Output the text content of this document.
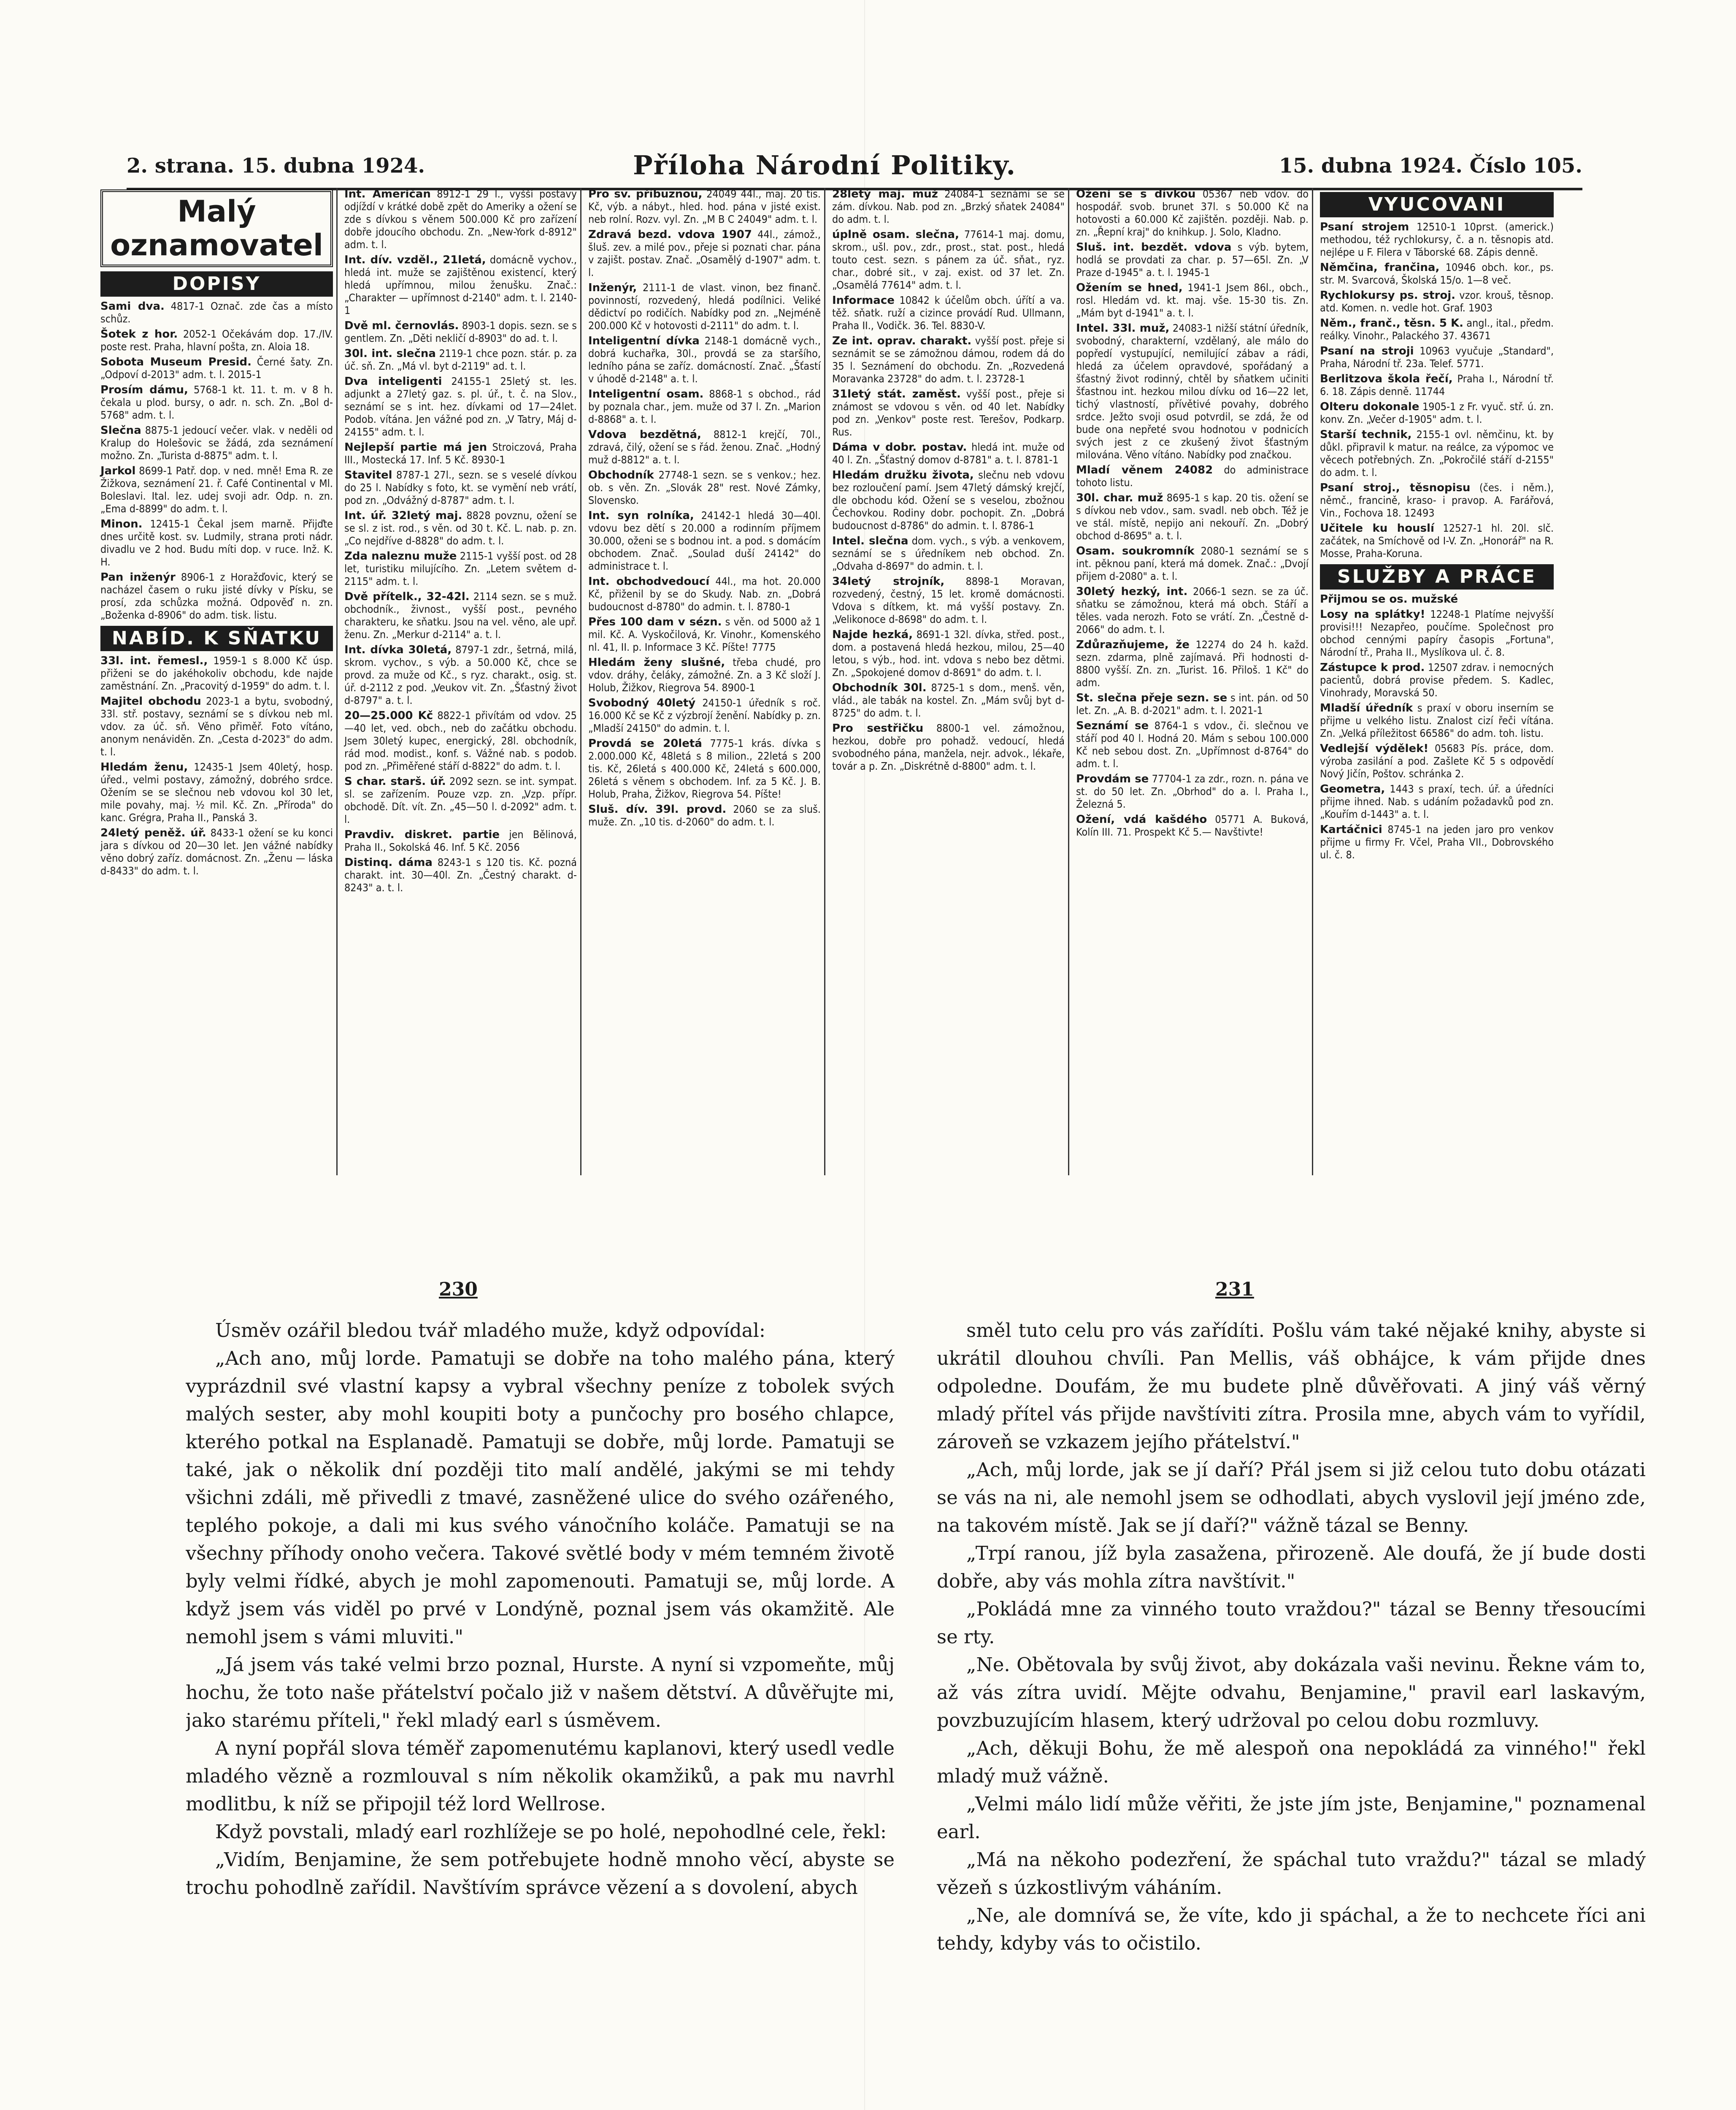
2. strana. 15. dubna 1924.	Příloha Národní Politiky.	15. dubna 1924. Číslo 105.
Malý
oznamovatel
DOPISY
Sami dva. 4817-1 Označ. zde čas a místo schůz.
Šotek z hor. 2052-1 Očekávám dop. 17./IV. poste rest. Praha, hlavní pošta, zn. Aloia 18.
Sobota Museum Presid. Černé šaty. Zn. „Odpoví d-2013" adm. t. l. 2015-1
Prosím dámu, 5768-1 kt. 11. t. m. v 8 h. čekala u plod. bursy, o adr. n. sch. Zn. „Bol d-5768" adm. t. l.
Slečna 8875-1 jedoucí večer. vlak. v neděli od Kralup do Holešovic se žádá, zda seznámení možno. Zn. „Turista d-8875" adm. t. l.
Jarkol 8699-1 Patř. dop. v ned. mně! Ema R. ze Žižkova, seznámení 21. ř. Café Continental v Ml. Boleslavi. Ital. lez. udej svoji adr. Odp. n. zn. „Ema d-8899" do adm. t. l.
Minon. 12415-1 Čekal jsem marně. Přijďte dnes určitě kost. sv. Ludmily, strana proti nádr. divadlu ve 2 hod. Budu míti dop. v ruce. Inž. K. H.
Pan inženýr 8906-1 z Horažďovic, který se nacházel časem o ruku jisté dívky v Písku, se prosí, zda schůzka možná. Odpověď n. zn. „Boženka d-8906" do adm. tisk. listu.
NABÍD. K SŇATKU
33l. int. řemesl., 1959-1 s 8.000 Kč úsp. přiženi se do jakéhokoliv obchodu, kde najde zaměstnání. Zn. „Pracovitý d-1959" do adm. t. l.
Majitel obchodu 2023-1 a bytu, svobodný, 33l. stř. postavy, seznámí se s dívkou neb ml. vdov. za úč. sň. Věno přiměř. Foto vítáno, anonym nenáviděn. Zn. „Cesta d-2023" do adm. t. l.
Hledám ženu, 12435-1 Jsem 40letý, hosp. úřed., velmi postavy, zámožný, dobrého srdce. Ožením se se slečnou neb vdovou kol 30 let, mile povahy, maj. ½ mil. Kč. Zn. „Příroda" do kanc. Grégra, Praha II., Panská 3.
24letý peněž. úř. 8433-1 ožení se ku konci jara s dívkou od 20—30 let. Jen vážné nabídky věno dobrý zaříz. domácnost. Zn. „Ženu — láska d-8433" do adm. t. l.
Int. Američan 8912-1 29 l., vyšší postavy odjíždí v krátké době zpět do Ameriky a ožení se zde s dívkou s věnem 500.000 Kč pro zařízení dobře jdoucího obchodu. Zn. „New-York d-8912" adm. t. l.
Int. dív. vzděl., 21letá, domácně vychov., hledá int. muže se zajištěnou existencí, který hledá upřímnou, milou ženušku. Znač.: „Charakter — upřímnost d-2140" adm. t. l. 2140-1
Dvě ml. černovlás. 8903-1 dopis. sezn. se s gentlem. Zn. „Děti nekličí d-8903" do ad. t. l.
30l. int. slečna 2119-1 chce pozn. stár. p. za úč. sň. Zn. „Má vl. byt d-2119" ad. t. l.
Dva inteligenti 24155-1 25letý st. les. adjunkt a 27letý gaz. s. pl. úř., t. č. na Slov., seznámí se s int. hez. dívkami od 17—24let. Podob. vítána. Jen vážné pod zn. „V Tatry, Máj d-24155" adm. t. l.
Nejlepší partie má jen Stroiczová, Praha III., Mostecká 17. Inf. 5 Kč. 8930-1
Stavitel 8787-1 27l., sezn. se s veselé dívkou do 25 l. Nabídky s foto, kt. se vymění neb vrátí, pod zn. „Odvážný d-8787" adm. t. l.
Int. úř. 32letý maj. 8828 povznu, ožení se se sl. z ist. rod., s věn. od 30 t. Kč. L. nab. p. zn. „Co nejdříve d-8828" do adm. t. l.
Zda naleznu muže 2115-1 vyšší post. od 28 let, turistiku milujícího. Zn. „Letem světem d-2115" adm. t. l.
Dvě přítelk., 32-42l. 2114 sezn. se s muž. obchodník., živnost., vyšší post., pevného charakteru, ke sňatku. Jsou na vel. věno, ale upř. ženu. Zn. „Merkur d-2114" a. t. l.
Int. dívka 30letá, 8797-1 zdr., šetrná, milá, skrom. vychov., s výb. a 50.000 Kč, chce se provd. za muže od Kč., s ryz. charakt., osig. st. úř. d-2112 z pod. „Veukov vit. Zn. „Šťastný život d-8797" a. t. l.
20—25.000 Kč 8822-1 přivítám od vdov. 25—40 let, ved. obch., neb do začátku obchodu. Jsem 30letý kupec, energický, 28l. obchodník, rád mod. modist., konf. s. Vážné nab. s podob. pod zn. „Přiměřené stáří d-8822" do adm. t. l.
S char. starš. úř. 2092 sezn. se int. sympat. sl. se zařízením. Pouze vzp. zn. „Vzp. přípr. obchodě. Dít. vít. Zn. „45—50 l. d-2092" adm. t. l.
Pravdiv. diskret. partie jen Bělinová, Praha II., Sokolská 46. Inf. 5 Kč. 2056
Distinq. dáma 8243-1 s 120 tis. Kč. pozná charakt. int. 30—40l. Zn. „Čestný charakt. d-8243" a. t. l.
Pro sv. příbuznou, 24049 44l., maj. 20 tis. Kč, výb. a nábyt., hled. hod. pána v jisté exist. neb rolní. Rozv. vyl. Zn. „M B C 24049" adm. t. l.
Zdravá bezd. vdova 1907 44l., zámož., šluš. zev. a milé pov., přeje si poznati char. pána v zajišt. postav. Znač. „Osamělý d-1907" adm. t. l.
Inženýr, 2111-1 de vlast. vinon, bez finanč. povinností, rozvedený, hledá podílnici. Veliké dědictví po rodičích. Nabídky pod zn. „Nejméně 200.000 Kč v hotovosti d-2111" do adm. t. l.
Inteligentní dívka 2148-1 domácně vych., dobrá kuchařka, 30l., provdá se za staršího, ledního pána se zaříz. domácností. Znač. „Šťastí v úhodě d-2148" a. t. l.
Inteligentní osam. 8868-1 s obchod., rád by poznala char., jem. muže od 37 l. Zn. „Marion d-8868" a. t. l.
Vdova bezdětná, 8812-1 krejčí, 70l., zdravá, čilý, ožení se s řád. ženou. Znač. „Hodný muž d-8812" a. t. l.
Obchodník 27748-1 sezn. se s venkov.; hez. ob. s věn. Zn. „Slovák 28" rest. Nové Zámky, Slovensko.
Int. syn rolníka, 24142-1 hledá 30—40l. vdovu bez dětí s 20.000 a rodinním příjmem 30.000, oženi se s bodnou int. a pod. s domácím obchodem. Znač. „Soulad duší 24142" do administrace t. l.
Int. obchodvedoucí 44l., ma hot. 20.000 Kč, přiženil by se do Skudy. Nab. zn. „Dobrá budoucnost d-8780" do admin. t. l. 8780-1
Přes 100 dam v sézn. s věn. od 5000 až 1 mil. Kč. A. Vyskočilová, Kr. Vinohr., Komenského nl. 41, II. p. Informace 3 Kč. Píšte! 7775
Hledám ženy slušné, třeba chudé, pro vdov. dráhy, čeláky, zámožné. Zn. a 3 Kč složí J. Holub, Žižkov, Riegrova 54. 8900-1
Svobodný 40letý 24150-1 úředník s roč. 16.000 Kč se Kč z výzbrojí ženění. Nabídky p. zn. „Mladší 24150" do admin. t. l.
Provdá se 20letá 7775-1 krás. dívka s 2.000.000 Kč, 48letá s 8 milion., 22letá s 200 tis. Kč, 26letá s 400.000 Kč, 24letá s 600.000, 26letá s věnem s obchodem. Inf. za 5 Kč. J. B. Holub, Praha, Žižkov, Riegrova 54. Píšte!
Sluš. dív. 39l. provd. 2060 se za sluš. muže. Zn. „10 tis. d-2060" do adm. t. l.
28letý maj. muž 24084-1 seznámí se se zám. dívkou. Nab. pod zn. „Brzký sňatek 24084" do adm. t. l.
úplně osam. slečna, 77614-1 maj. domu, skrom., ušl. pov., zdr., prost., stat. post., hledá touto cest. sezn. s pánem za úč. sňat., ryz. char., dobré sit., v zaj. exist. od 37 let. Zn. „Osamělá 77614" adm. t. l.
Informace 10842 k účelům obch. úřítí a va. těž. sňatk. ruží a cizince provádí Rud. Ullmann, Praha II., Vodičk. 36. Tel. 8830-V.
Ze int. oprav. charakt. vyšší post. přeje si seznámit se se zámožnou dámou, rodem dá do 35 l. Seznámení do obchodu. Zn. „Rozvedená Moravanka 23728" do adm. t. l. 23728-1
31letý stát. zaměst. vyšší post., přeje si známost se vdovou s věn. od 40 let. Nabídky pod zn. „Venkov" poste rest. Terešov, Podkarp. Rus.
Dáma v dobr. postav. hledá int. muže od 40 l. Zn. „Šťastný domov d-8781" a. t. l. 8781-1
Hledám družku života, slečnu neb vdovu bez rozloučení pamí. Jsem 47letý dámský krejčí, dle obchodu kód. Ožení se s veselou, zbožnou Čechovkou. Rodiny dobr. pochopit. Zn. „Dobrá budoucnost d-8786" do admin. t. l. 8786-1
Intel. slečna dom. vych., s výb. a venkovem, seznámí se s úředníkem neb obchod. Zn. „Odvaha d-8697" do admin. t. l.
34letý strojník, 8898-1 Moravan, rozvedený, čestný, 15 let. kromě domácnosti. Vdova s dítkem, kt. má vyšší postavy. Zn. „Velikonoce d-8698" do adm. t. l.
Najde hezká, 8691-1 32l. dívka, střed. post., dom. a postavená hledá hezkou, milou, 25—40 letou, s výb., hod. int. vdova s nebo bez dětmi. Zn. „Spokojené domov d-8691" do adm. t. l.
Obchodník 30l. 8725-1 s dom., menš. věn, vlád., ale tabák na kostel. Zn. „Mám svůj byt d-8725" do adm. t. l.
Pro sestřičku 8800-1 vel. zámožnou, hezkou, dobře pro pohadž. vedoucí, hledá svobodného pána, manžela, nejr. advok., lékaře, továr a p. Zn. „Diskrétně d-8800" adm. t. l.
Oženi se s dívkou 05367 neb vdov. do hospodář. svob. brunet 37l. s 50.000 Kč na hotovosti a 60.000 Kč zajištěn. později. Nab. p. zn. „Řepní kraj" do knihkup. J. Solo, Kladno.
Sluš. int. bezdět. vdova s výb. bytem, hodlá se provdati za char. p. 57—65l. Zn. „V Praze d-1945" a. t. l. 1945-1
Ožením se hned, 1941-1 Jsem 86l., obch., rosl. Hledám vd. kt. maj. vše. 15-30 tis. Zn. „Mám byt d-1941" a. t. l.
Intel. 33l. muž, 24083-1 nižší státní úředník, svobodný, charakterní, vzdělaný, ale málo do popředí vystupující, nemilující zábav a rádi, hledá za účelem opravdové, spořádaný a šťastný život rodinný, chtěl by sňatkem učiniti šťastnou int. hezkou milou dívku od 16—22 let, tichý vlastností, přívětivé povahy, dobrého srdce. Ježto svoji osud potvrdil, se zdá, že od bude ona nepřeté svou hodnotou v podnicích svých jest z ce zkušený život šťastným milována. Věno vítáno. Nabídky pod značkou.
Mladí věnem 24082 do administrace tohoto listu.
30l. char. muž 8695-1 s kap. 20 tis. ožení se s dívkou neb vdov., sam. svadl. neb obch. Též je ve stál. místě, nepijo ani nekouří. Zn. „Dobrý obchod d-8695" a. t. l.
Osam. soukromník 2080-1 seznámí se s int. pěknou paní, která má domek. Znač.: „Dvojí přijem d-2080" a. t. l.
30letý hezký, int. 2066-1 sezn. se za úč. sňatku se zámožnou, která má obch. Stáří a těles. vada nerozh. Foto se vrátí. Zn. „Čestně d-2066" do adm. t. l.
Zdůrazňujeme, že 12274 do 24 h. každ. sezn. zdarma, plně zajímavá. Při hodnosti d-8800 vyšší. Zn. zn. „Turist. 16. Přiloš. 1 Kč" do adm.
St. slečna přeje sezn. se s int. pán. od 50 let. Zn. „A. B. d-2021" adm. t. l. 2021-1
Seznámí se 8764-1 s vdov., či. slečnou ve stáří pod 40 l. Hodná 20. Mám s sebou 100.000 Kč neb sebou dost. Zn. „Upřímnost d-8764" do adm. t. l.
Provdám se 77704-1 za zdr., rozn. n. pána ve st. do 50 let. Zn. „Obrhod" do a. l. Praha I., Železná 5.
Ožení, vdá kašdého 05771 A. Buková, Kolín III. 71. Prospekt Kč 5.— Navštivte!
VYUCOVANI
Psaní strojem 12510-1 10prst. (americk.) methodou, též rychlokursy, č. a n. těsnopis atd. nejlépe u F. Filera v Táborské 68. Zápis denně.
Němčina, frančina, 10946 obch. kor., ps. str. M. Svarcová, Školská 15/o. 1—8 več.
Rychlokursy ps. stroj. vzor. krouš, těsnop. atd. Komen. n. vedle hot. Graf. 1903
Něm., franč., těsn. 5 K. angl., ital., předm. reálky. Vinohr., Palackého 37. 43671
Psaní na stroji 10963 vyučuje „Standard", Praha, Národní tř. 23a. Telef. 5771.
Berlitzova škola řečí, Praha I., Národní tř. 6. 18. Zápis denně. 11744
Olteru dokonale 1905-1 z Fr. vyuč. stř. ú. zn. konv. Zn. „Večer d-1905" adm. t. l.
Starší technik, 2155-1 ovl. němčinu, kt. by důkl. připravil k matur. na reálce, za výpomoc ve věcech potřebných. Zn. „Pokročilé stáří d-2155" do adm. t. l.
Psaní stroj., těsnopisu (čes. i něm.), němč., francině, kraso- i pravop. A. Farářová, Vin., Fochova 18. 12493
Učitele ku houslí 12527-1 hl. 20l. slč. začátek, na Smíchově od I-V. Zn. „Honorář" na R. Mosse, Praha-Koruna.
SLUŽBY A PRÁCE
Přijmou se os. mužské
Losy na splátky! 12248-1 Platíme nejvyšší provisi!!! Nezapřeo, poučíme. Společnost pro obchod cennými papíry časopis „Fortuna", Národní tř., Praha II., Myslíkova ul. č. 8.
Zástupce k prod. 12507 zdrav. i nemocných pacientů, dobrá provise předem. S. Kadlec, Vinohrady, Moravská 50.
Mladší úředník s praxí v oboru inserním se přijme u velkého listu. Znalost cizí řeči vítána. Zn. „Velká příležitost 66586" do adm. toh. listu.
Vedlejší výdělek! 05683 Pís. práce, dom. výroba zasilání a pod. Zašlete Kč 5 s odpovědí Nový Jičín, Poštov. schránka 2.
Geometra, 1443 s praxí, tech. úř. a úředníci přijme ihned. Nab. s udáním požadavků pod zn. „Kouřím d-1443" a. t. l.
Kartáčnici 8745-1 na jeden jaro pro venkov přijme u firmy Fr. Včel, Praha VII., Dobrovského ul. č. 8.
230	231

Úsměv ozářil bledou tvář mladého muže, když odpovídal:

„Ach ano, můj lorde. Pamatuji se dobře na toho malého pána, který vyprázdnil své vlastní kapsy a vybral všechny peníze z tobolek svých malých sester, aby mohl koupiti boty a punčochy pro bosého chlapce, kterého potkal na Esplanadě. Pamatuji se dobře, můj lorde. Pamatuji se také, jak o několik dní později tito malí andělé, jakými se mi tehdy všichni zdáli, mě přivedli z tmavé, zasněžené ulice do svého ozářeného, teplého pokoje, a dali mi kus svého vánočního koláče. Pamatuji se na všechny příhody onoho večera. Takové světlé body v mém temném životě byly velmi řídké, abych je mohl zapomenouti. Pamatuji se, můj lorde. A když jsem vás viděl po prvé v Londýně, poznal jsem vás okamžitě. Ale nemohl jsem s vámi mluviti."

„Já jsem vás také velmi brzo poznal, Hurste. A nyní si vzpomeňte, můj hochu, že toto naše přátelství počalo již v našem dětství. A důvěřujte mi, jako starému příteli," řekl mladý earl s úsměvem.

A nyní popřál slova téměř zapomenutému kaplanovi, který usedl vedle mladého vězně a rozmlouval s ním několik okamžiků, a pak mu navrhl modlitbu, k níž se připojil též lord Wellrose.

Když povstali, mladý earl rozhlížeje se po holé, nepohodlné cele, řekl:

„Vidím, Benjamine, že sem potřebujete hodně mnoho věcí, abyste se trochu pohodlně zařídil. Navštívím správce vězení a s dovolení, abych

směl tuto celu pro vás zařídíti. Pošlu vám také nějaké knihy, abyste si ukrátil dlouhou chvíli. Pan Mellis, váš obhájce, k vám přijde dnes odpoledne. Doufám, že mu budete plně důvěřovati. A jiný váš věrný mladý přítel vás přijde navštíviti zítra. Prosila mne, abych vám to vyřídil, zároveň se vzkazem jejího přátelství."

„Ach, můj lorde, jak se jí daří? Přál jsem si již celou tuto dobu otázati se vás na ni, ale nemohl jsem se odhodlati, abych vyslovil její jméno zde, na takovém místě. Jak se jí daří?" vážně tázal se Benny.

„Trpí ranou, jíž byla zasažena, přirozeně. Ale doufá, že jí bude dosti dobře, aby vás mohla zítra navštívit."

„Pokládá mne za vinného touto vraždou?" tázal se Benny třesoucími se rty.

„Ne. Obětovala by svůj život, aby dokázala vaši nevinu. Řekne vám to, až vás zítra uvidí. Mějte odvahu, Benjamine," pravil earl laskavým, povzbuzujícím hlasem, který udržoval po celou dobu rozmluvy.

„Ach, děkuji Bohu, že mě alespoň ona nepokládá za vinného!" řekl mladý muž vážně.

„Velmi málo lidí může věřiti, že jste jím jste, Benjamine," poznamenal earl.

„Má na někoho podezření, že spáchal tuto vraždu?" tázal se mladý vězeň s úzkostlivým váháním.

„Ne, ale domnívá se, že víte, kdo ji spáchal, a že to nechcete říci ani tehdy, kdyby vás to očistilo.
